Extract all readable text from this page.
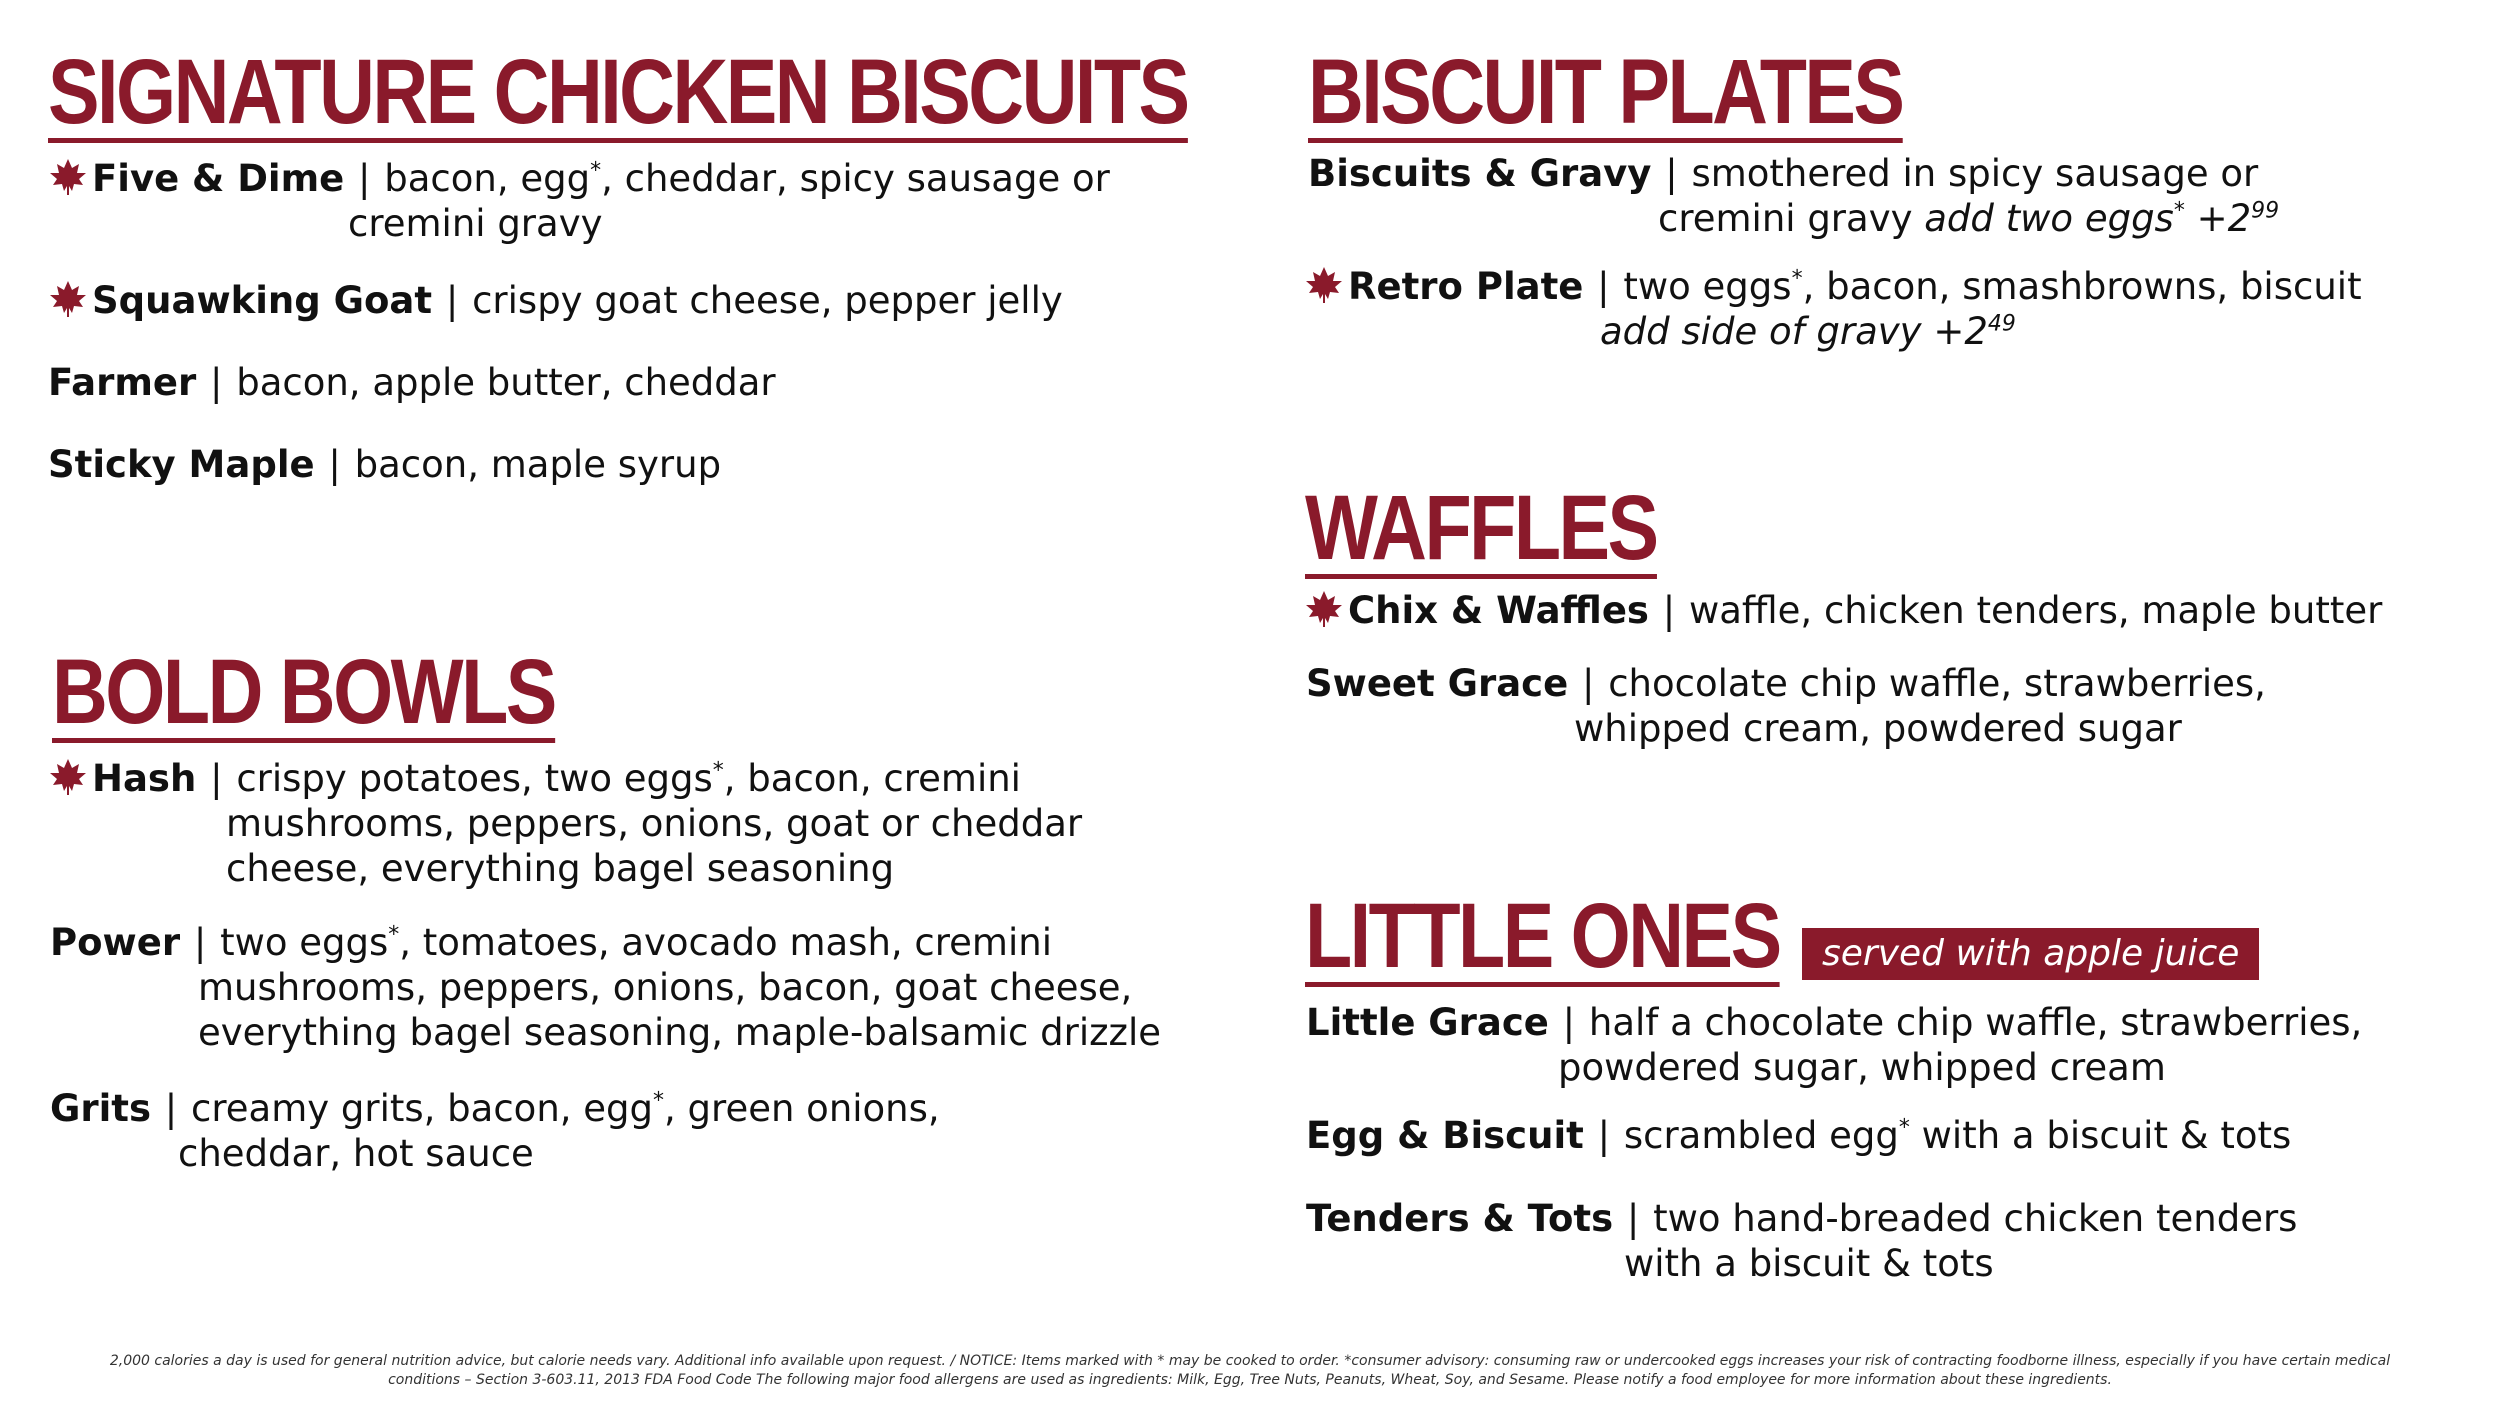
SIGNATURE CHICKEN BISCUITS
Five & Dime | bacon, egg*, cheddar, spicy sausage or
cremini gravy
Squawking Goat | crispy goat cheese, pepper jelly
Farmer | bacon, apple butter, cheddar
Sticky Maple | bacon, maple syrup
BOLD BOWLS
Hash | crispy potatoes, two eggs*, bacon, cremini
mushrooms, peppers, onions, goat or cheddar
cheese, everything bagel seasoning
Power | two eggs*, tomatoes, avocado mash, cremini
mushrooms, peppers, onions, bacon, goat cheese,
everything bagel seasoning, maple-balsamic drizzle
Grits | creamy grits, bacon, egg*, green onions,
cheddar, hot sauce
BISCUIT PLATES
Biscuits & Gravy | smothered in spicy sausage or
cremini gravy add two eggs* +2$^{99}$
Retro Plate | two eggs*, bacon, smashbrowns, biscuit
add side of gravy +2$^{49}$
WAFFLES
Chix & Waffles | waffle, chicken tenders, maple butter
Sweet Grace | chocolate chip waffle, strawberries,
whipped cream, powdered sugar
LITTLE ONES	served with apple juice
Little Grace | half a chocolate chip waffle, strawberries,
powdered sugar, whipped cream
Egg & Biscuit | scrambled egg* with a biscuit & tots
Tenders & Tots | two hand-breaded chicken tenders
with a biscuit & tots
2,000 calories a day is used for general nutrition advice, but calorie needs vary. Additional info available upon request. / NOTICE: Items marked with * may be cooked to order. *consumer advisory: consuming raw or undercooked eggs increases your risk of contracting foodborne illness, especially if you have certain medical
conditions – Section 3-603.11, 2013 FDA Food Code The following major food allergens are used as ingredients: Milk, Egg, Tree Nuts, Peanuts, Wheat, Soy, and Sesame. Please notify a food employee for more information about these ingredients.
